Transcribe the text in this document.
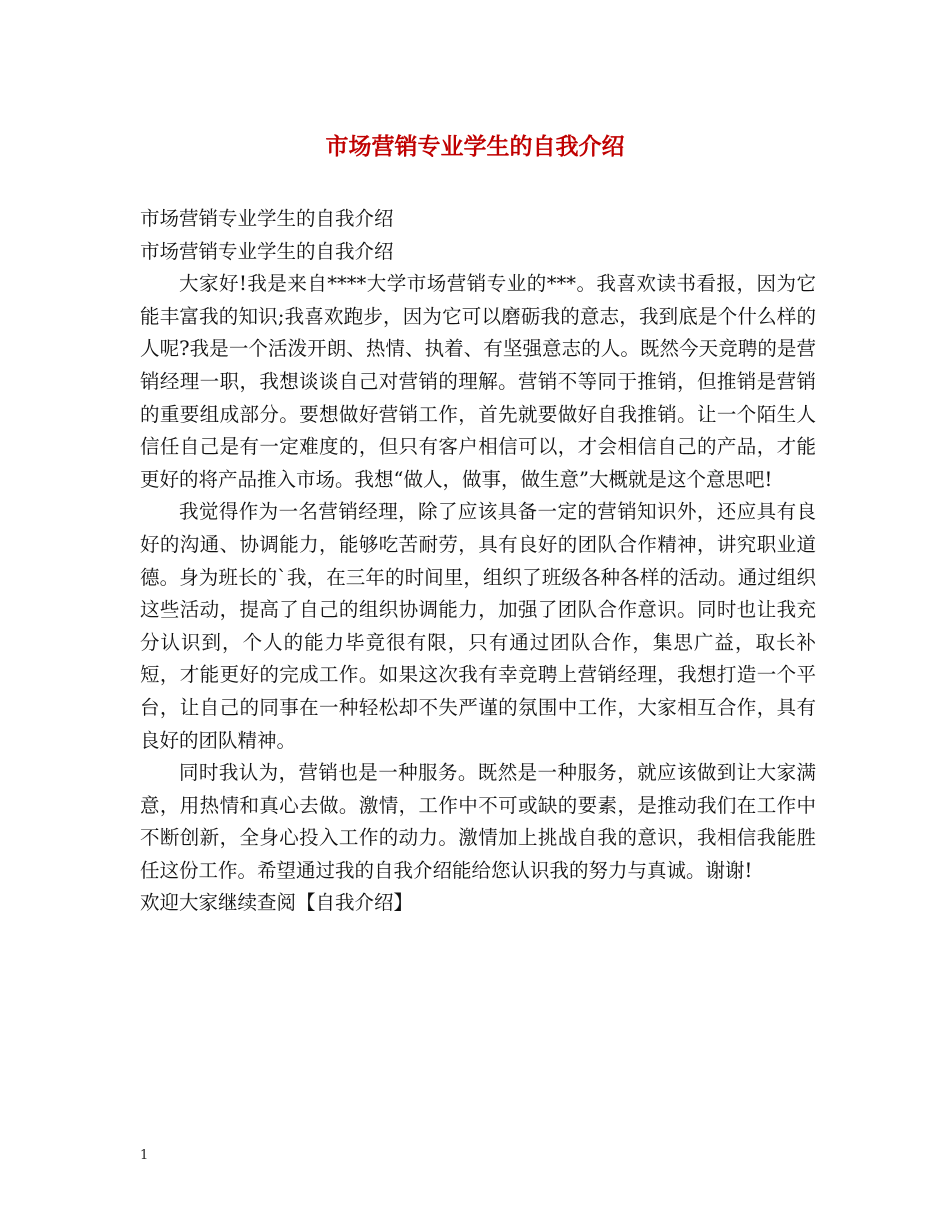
市场营销专业学生的自我介绍

市场营销专业学生的自我介绍

市场营销专业学生的自我介绍

大家好!我是来自****大学市场营销专业的***。我喜欢读书看报，因为它能丰富我的知识;我喜欢跑步，因为它可以磨砺我的意志，我到底是个什么样的人呢?我是一个活泼开朗、热情、执着、有坚强意志的人。既然今天竞聘的是营销经理一职，我想谈谈自己对营销的理解。营销不等同于推销，但推销是营销的重要组成部分。要想做好营销工作，首先就要做好自我推销。让一个陌生人信任自己是有一定难度的，但只有客户相信可以，才会相信自己的产品，才能更好的将产品推入市场。我想“做人，做事，做生意”大概就是这个意思吧!

我觉得作为一名营销经理，除了应该具备一定的营销知识外，还应具有良好的沟通、协调能力，能够吃苦耐劳，具有良好的团队合作精神，讲究职业道德。身为班长的`我，在三年的时间里，组织了班级各种各样的活动。通过组织这些活动，提高了自己的组织协调能力，加强了团队合作意识。同时也让我充分认识到，个人的能力毕竟很有限，只有通过团队合作，集思广益，取长补短，才能更好的完成工作。如果这次我有幸竞聘上营销经理，我想打造一个平台，让自己的同事在一种轻松却不失严谨的氛围中工作，大家相互合作，具有良好的团队精神。

同时我认为，营销也是一种服务。既然是一种服务，就应该做到让大家满意，用热情和真心去做。激情，工作中不可或缺的要素，是推动我们在工作中不断创新，全身心投入工作的动力。激情加上挑战自我的意识，我相信我能胜任这份工作。希望通过我的自我介绍能给您认识我的努力与真诚。谢谢!

欢迎大家继续查阅【自我介绍】

1
